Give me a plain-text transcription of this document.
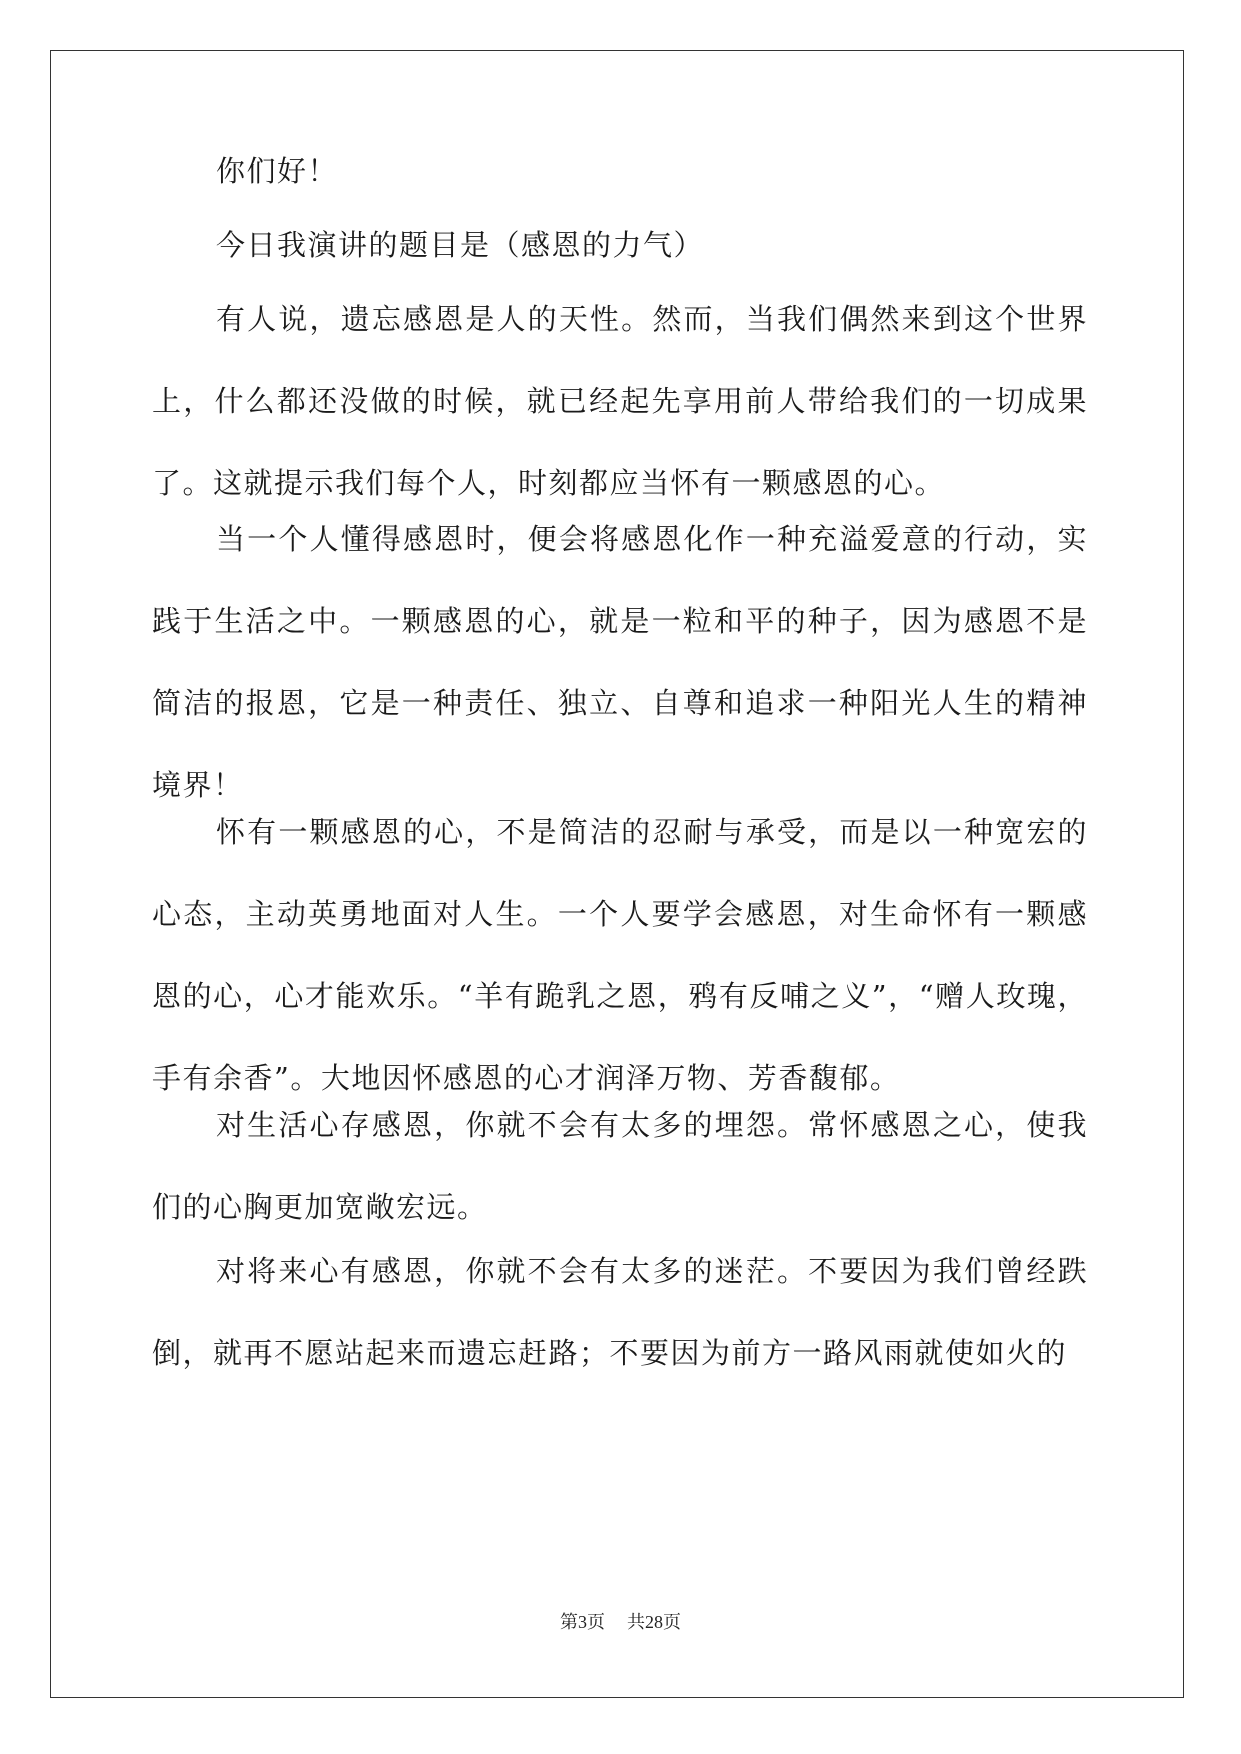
你们好！

今日我演讲的题目是（感恩的力气）

有人说，遗忘感恩是人的天性。然而，当我们偶然来到这个世界上，什么都还没做的时候，就已经起先享用前人带给我们的一切成果了。这就提示我们每个人，时刻都应当怀有一颗感恩的心。

当一个人懂得感恩时，便会将感恩化作一种充溢爱意的行动，实践于生活之中。一颗感恩的心，就是一粒和平的种子，因为感恩不是简洁的报恩，它是一种责任、独立、自尊和追求一种阳光人生的精神境界！

怀有一颗感恩的心，不是简洁的忍耐与承受，而是以一种宽宏的心态，主动英勇地面对人生。一个人要学会感恩，对生命怀有一颗感恩的心，心才能欢乐。“羊有跪乳之恩，鸦有反哺之义”，“赠人玫瑰，手有余香”。大地因怀感恩的心才润泽万物、芳香馥郁。

对生活心存感恩，你就不会有太多的埋怨。常怀感恩之心，使我们的心胸更加宽敞宏远。

对将来心有感恩，你就不会有太多的迷茫。不要因为我们曾经跌倒，就再不愿站起来而遗忘赶路；不要因为前方一路风雨就使如火的

第3页 共28页
